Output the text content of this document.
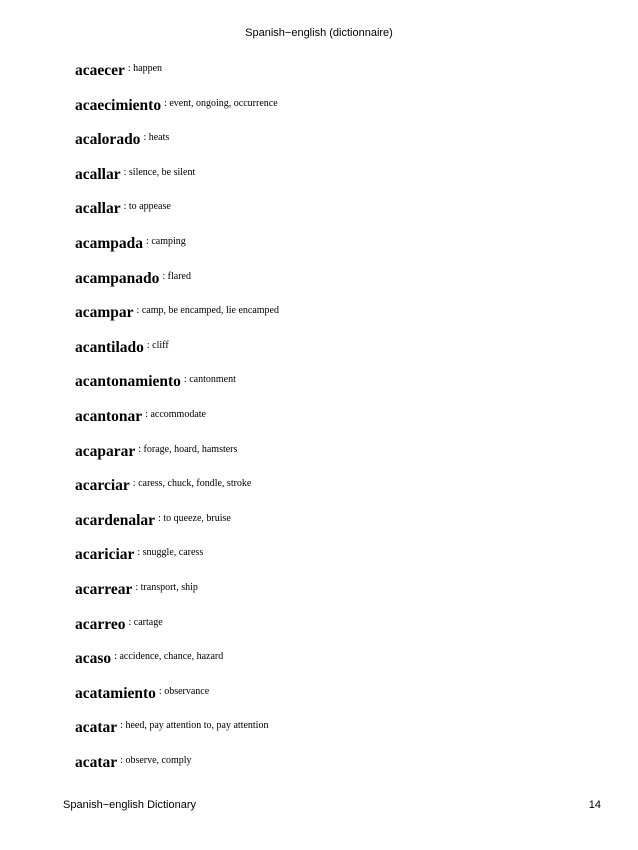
Spanish−english (dictionnaire)
acaecer : happen
acaecimiento : event, ongoing, occurrence
acalorado : heats
acallar : silence, be silent
acallar : to appease
acampada : camping
acampanado : flared
acampar : camp, be encamped, lie encamped
acantilado : cliff
acantonamiento : cantonment
acantonar : accommodate
acaparar : forage, hoard, hamsters
acarciar : caress, chuck, fondle, stroke
acardenalar : to queeze, bruise
acariciar : snuggle, caress
acarrear : transport, ship
acarreo : cartage
acaso : accidence, chance, hazard
acatamiento : observance
acatar : heed, pay attention to, pay attention
acatar : observe, comply
Spanish−english Dictionary	14
